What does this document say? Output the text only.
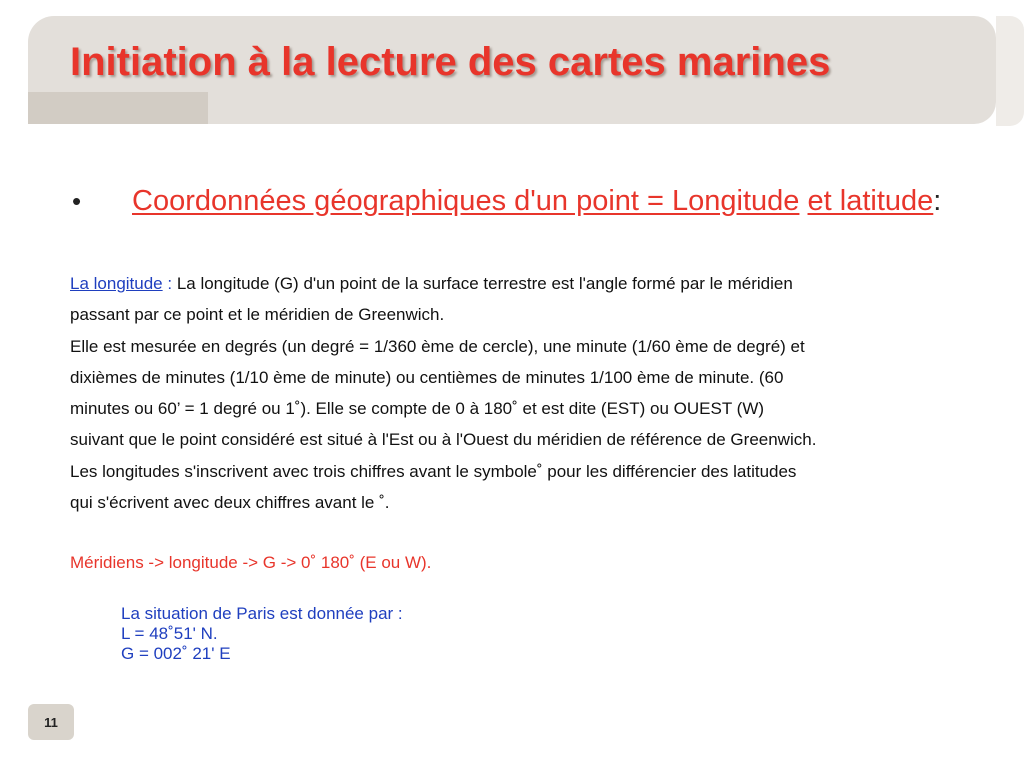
Initiation à la lecture des cartes marines
•	Coordonnées géographiques d'un point = Longitude et latitude:

La longitude : La longitude (G) d'un point de la surface terrestre est l'angle formé par le méridien

passant par ce point et le méridien de Greenwich.

Elle est mesurée en degrés (un degré = 1/360 ème de cercle), une minute (1/60 ème de degré) et

dixièmes de minutes (1/10 ème de minute) ou centièmes de minutes 1/100 ème de minute. (60

minutes ou 60’ = 1 degré ou 1˚). Elle se compte de 0 à 180˚ et est dite (EST) ou OUEST (W)

suivant que le point considéré est situé à l'Est ou à l'Ouest du méridien de référence de Greenwich.

Les longitudes s'inscrivent avec trois chiffres avant le symbole˚ pour les différencier des latitudes

qui s'écrivent avec deux chiffres avant le ˚.

Méridiens -> longitude -> G -> 0˚ 180˚ (E ou W).
La situation de Paris est donnée par :
L = 48˚51' N.
G = 002˚ 21' E
11
